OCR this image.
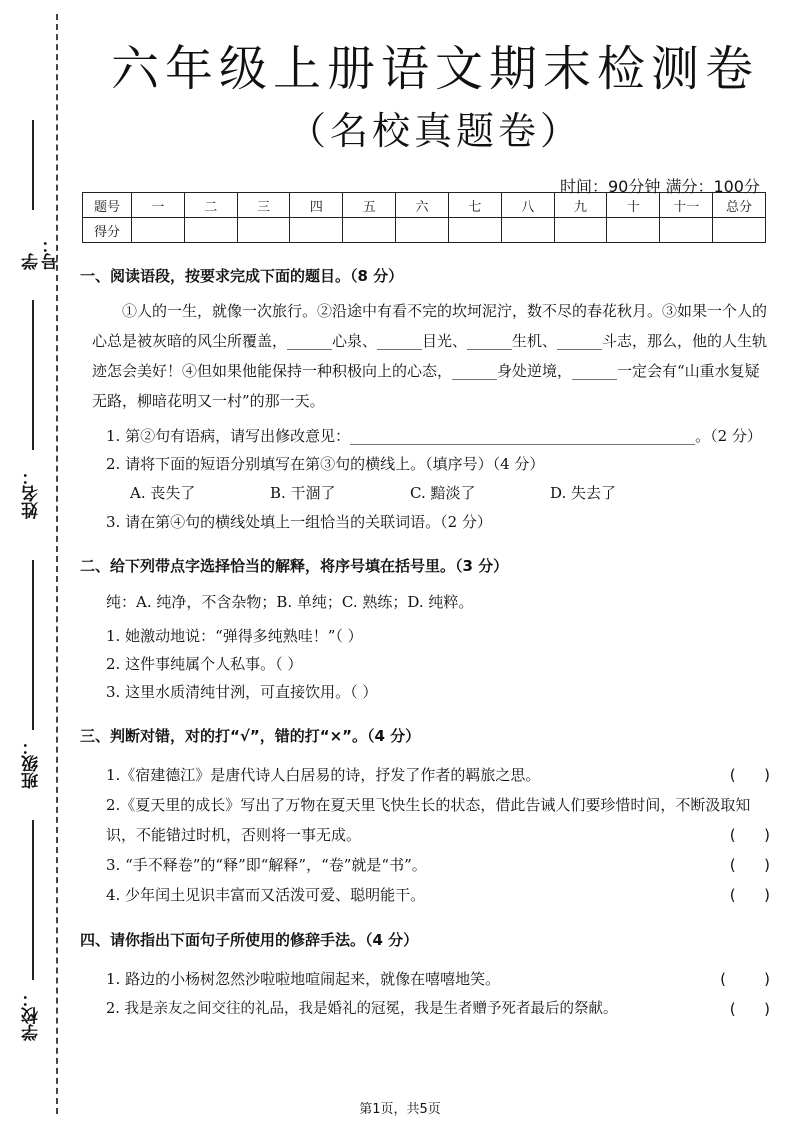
学号：
姓名：
班级：
学校：
六年级上册语文期末检测卷
（名校真题卷）
时间：90分钟 满分：100分
题号	一	二	三	四	五	六	七	八	九	十	十一	总分
得分												

一、阅读语段，按要求完成下面的题目。（8 分）

①人的一生，就像一次旅行。②沿途中有看不完的坎坷泥泞，数不尽的春花秋月。③如果一个人的心总是被灰暗的风尘所覆盖，______心泉、______目光、______生机、______斗志，那么，他的人生轨迹怎会美好！④但如果他能保持一种积极向上的心态，______身处逆境，______一定会有“山重水复疑无路，柳暗花明又一村”的那一天。

1. 第②句有语病，请写出修改意见：______________________________________________。（2 分）

2. 请将下面的短语分别填写在第③句的横线上。（填序号）（4 分）

A. 丧失了	B. 干涸了	C. 黯淡了	D. 失去了

3. 请在第④句的横线处填上一组恰当的关联词语。（2 分）

二、给下列带点字选择恰当的解释，将序号填在括号里。（3 分）

纯：A. 纯净，不含杂物；B. 单纯；C. 熟练；D. 纯粹。

1. 她激动地说：“弹得多纯熟哇！”（ ）

2. 这件事纯属个人私事。（ ）

3. 这里水质清纯甘洌，可直接饮用。（ ）

三、判断对错，对的打“√”，错的打“×”。（4 分）

1.《宿建德江》是唐代诗人白居易的诗，抒发了作者的羁旅之思。	(      )
2.《夏天里的成长》写出了万物在夏天里飞快生长的状态，借此告诫人们要珍惜时间，不断汲取知识，不能错过时机，否则将一事无成。	(      )
3. “手不释卷”的“释”即“解释”，“卷”就是“书”。	(      )
4. 少年闰土见识丰富而又活泼可爱、聪明能干。	(      )

四、请你指出下面句子所使用的修辞手法。（4 分）

1. 路边的小杨树忽然沙啦啦地喧闹起来，就像在嘻嘻地笑。	(        )
2. 我是亲友之间交往的礼品，我是婚礼的冠冕，我是生者赠予死者最后的祭献。	(      )
第1页，共5页
